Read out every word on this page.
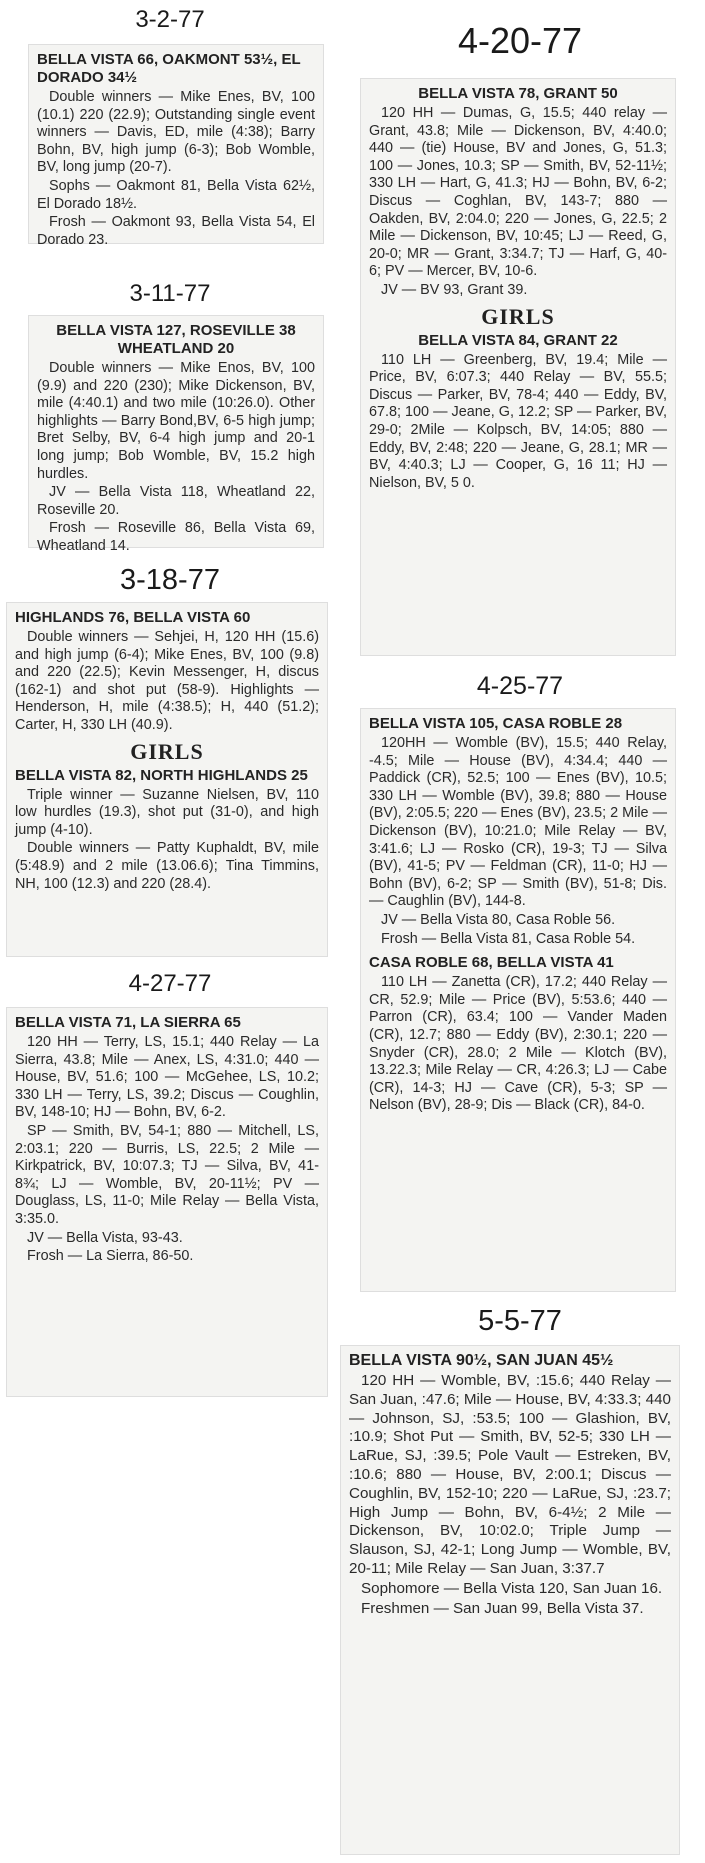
3-2-77
BELLA VISTA 66, OAKMONT 53½, EL DORADO 34½

Double winners — Mike Enes, BV, 100 (10.1) 220 (22.9); Outstanding single event winners — Davis, ED, mile (4:38); Barry Bohn, BV, high jump (6-3); Bob Womble, BV, long jump (20-7).

Sophs — Oakmont 81, Bella Vista 62½, El Dorado 18½.

Frosh — Oakmont 93, Bella Vista 54, El Dorado 23.

3-11-77
BELLA VISTA 127, ROSEVILLE 38 WHEATLAND 20

Double winners — Mike Enos, BV, 100 (9.9) and 220 (230); Mike Dickenson, BV, mile (4:40.1) and two mile (10:26.0). Other highlights — Barry Bond,BV, 6-5 high jump; Bret Selby, BV, 6-4 high jump and 20-1 long jump; Bob Womble, BV, 15.2 high hurdles.

JV — Bella Vista 118, Wheatland 22, Roseville 20.

Frosh — Roseville 86, Bella Vista 69, Wheatland 14.

3-18-77
HIGHLANDS 76, BELLA VISTA 60

Double winners — Sehjei, H, 120 HH (15.6) and high jump (6-4); Mike Enes, BV, 100 (9.8) and 220 (22.5); Kevin Messenger, H, discus (162-1) and shot put (58-9). Highlights — Henderson, H, mile (4:38.5); H, 440 (51.2); Carter, H, 330 LH (40.9).

GIRLS
BELLA VISTA 82, NORTH HIGHLANDS 25

Triple winner — Suzanne Nielsen, BV, 110 low hurdles (19.3), shot put (31-0), and high jump (4-10).

Double winners — Patty Kuphaldt, BV, mile (5:48.9) and 2 mile (13.06.6); Tina Timmins, NH, 100 (12.3) and 220 (28.4).

4-27-77
BELLA VISTA 71, LA SIERRA 65

120 HH — Terry, LS, 15.1; 440 Relay — La Sierra, 43.8; Mile — Anex, LS, 4:31.0; 440 — House, BV, 51.6; 100 — McGehee, LS, 10.2; 330 LH — Terry, LS, 39.2; Discus — Coughlin, BV, 148-10; HJ — Bohn, BV, 6-2.

SP — Smith, BV, 54-1; 880 — Mitchell, LS, 2:03.1; 220 — Burris, LS, 22.5; 2 Mile — Kirkpatrick, BV, 10:07.3; TJ — Silva, BV, 41-8¾; LJ — Womble, BV, 20-11½; PV — Douglass, LS, 11-0; Mile Relay — Bella Vista, 3:35.0.

JV — Bella Vista, 93-43.

Frosh — La Sierra, 86-50.

4-20-77
BELLA VISTA 78, GRANT 50

120 HH — Dumas, G, 15.5; 440 relay — Grant, 43.8; Mile — Dickenson, BV, 4:40.0; 440 — (tie) House, BV and Jones, G, 51.3; 100 — Jones, 10.3; SP — Smith, BV, 52-11½; 330 LH — Hart, G, 41.3; HJ — Bohn, BV, 6-2; Discus — Coghlan, BV, 143-7; 880 — Oakden, BV, 2:04.0; 220 — Jones, G, 22.5; 2 Mile — Dickenson, BV, 10:45; LJ — Reed, G, 20-0; MR — Grant, 3:34.7; TJ — Harf, G, 40-6; PV — Mercer, BV, 10-6.

JV — BV 93, Grant 39.

GIRLS
BELLA VISTA 84, GRANT 22

110 LH — Greenberg, BV, 19.4; Mile — Price, BV, 6:07.3; 440 Relay — BV, 55.5; Discus — Parker, BV, 78-4; 440 — Eddy, BV, 67.8; 100 — Jeane, G, 12.2; SP — Parker, BV, 29-0; 2Mile — Kolpsch, BV, 14:05; 880 — Eddy, BV, 2:48; 220 — Jeane, G, 28.1; MR — BV, 4:40.3; LJ — Cooper, G, 16 11; HJ — Nielson, BV, 5 0.

4-25-77
BELLA VISTA 105, CASA ROBLE 28

120HH — Womble (BV), 15.5; 440 Relay, -4.5; Mile — House (BV), 4:34.4; 440 — Paddick (CR), 52.5; 100 — Enes (BV), 10.5; 330 LH — Womble (BV), 39.8; 880 — House (BV), 2:05.5; 220 — Enes (BV), 23.5; 2 Mile — Dickenson (BV), 10:21.0; Mile Relay — BV, 3:41.6; LJ — Rosko (CR), 19-3; TJ — Silva (BV), 41-5; PV — Feldman (CR), 11-0; HJ — Bohn (BV), 6-2; SP — Smith (BV), 51-8; Dis. — Caughlin (BV), 144-8.

JV — Bella Vista 80, Casa Roble 56.

Frosh — Bella Vista 81, Casa Roble 54.

CASA ROBLE 68, BELLA VISTA 41

110 LH — Zanetta (CR), 17.2; 440 Relay — CR, 52.9; Mile — Price (BV), 5:53.6; 440 — Parron (CR), 63.4; 100 — Vander Maden (CR), 12.7; 880 — Eddy (BV), 2:30.1; 220 — Snyder (CR), 28.0; 2 Mile — Klotch (BV), 13.22.3; Mile Relay — CR, 4:26.3; LJ — Cabe (CR), 14-3; HJ — Cave (CR), 5-3; SP — Nelson (BV), 28-9; Dis — Black (CR), 84-0.

5-5-77
BELLA VISTA 90½, SAN JUAN 45½

120 HH — Womble, BV, :15.6; 440 Relay — San Juan, :47.6; Mile — House, BV, 4:33.3; 440 — Johnson, SJ, :53.5; 100 — Glashion, BV, :10.9; Shot Put — Smith, BV, 52-5; 330 LH — LaRue, SJ, :39.5; Pole Vault — Estreken, BV, :10.6; 880 — House, BV, 2:00.1; Discus — Coughlin, BV, 152-10; 220 — LaRue, SJ, :23.7; High Jump — Bohn, BV, 6-4½; 2 Mile — Dickenson, BV, 10:02.0; Triple Jump — Slauson, SJ, 42-1; Long Jump — Womble, BV, 20-11; Mile Relay — San Juan, 3:37.7

Sophomore — Bella Vista 120, San Juan 16.

Freshmen — San Juan 99, Bella Vista 37.
